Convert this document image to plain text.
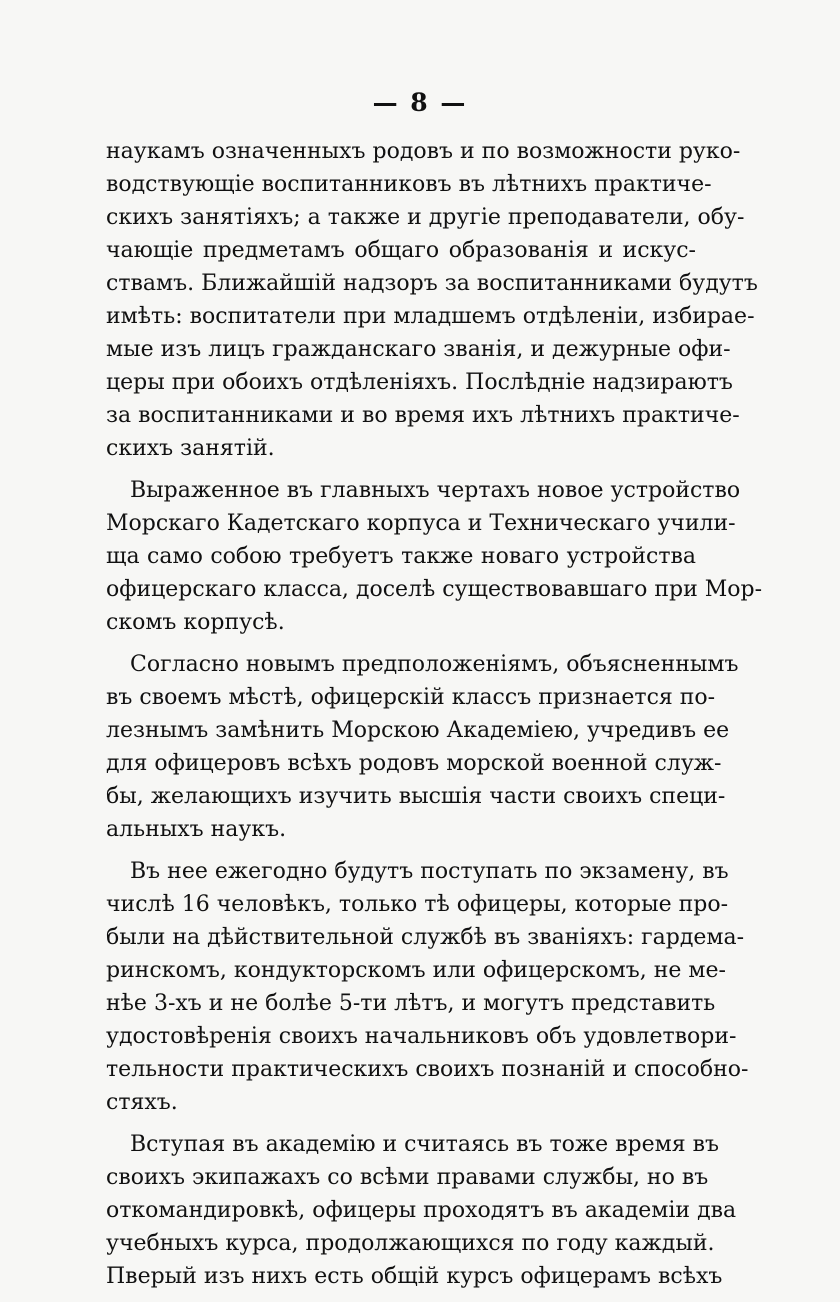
— 8 —
наукамъ означенныхъ родовъ и по возможности руко-
водствующіе воспитанниковъ въ лѣтнихъ практиче-
скихъ занятіяхъ; а также и другіе преподаватели, обу-
чающіе предметамъ общаго образованія и искус-
ствамъ. Ближайшій надзоръ за воспитанниками будутъ
имѣть: воспитатели при младшемъ отдѣленіи, избирае-
мые изъ лицъ гражданскаго званія, и дежурные офи-
церы при обоихъ отдѣленіяхъ. Послѣдніе надзираютъ
за воспитанниками и во время ихъ лѣтнихъ практиче-
скихъ занятій.
Выраженное въ главныхъ чертахъ новое устройство
Морскаго Кадетскаго корпуса и Техническаго учили-
ща само собою требуетъ также новаго устройства
офицерскаго класса, доселѣ существовавшаго при Мор-
скомъ корпусѣ.
Согласно новымъ предположеніямъ, объясненнымъ
въ своемъ мѣстѣ, офицерскій классъ признается по-
лезнымъ замѣнить Морскою Академіею, учредивъ ее
для офицеровъ всѣхъ родовъ морской военной служ-
бы, желающихъ изучить высшія части своихъ специ-
альныхъ наукъ.
Въ нее ежегодно будутъ поступать по экзамену, въ
числѣ 16 человѣкъ, только тѣ офицеры, которые про-
были на дѣйствительной службѣ въ званіяхъ: гардема-
ринскомъ, кондукторскомъ или офицерскомъ, не ме-
нѣе 3-хъ и не болѣе 5-ти лѣтъ, и могутъ представить
удостовѣренія своихъ начальниковъ объ удовлетвори-
тельности практическихъ своихъ познаній и способно-
стяхъ.
Вступая въ академію и считаясь въ тоже время въ
своихъ экипажахъ со всѣми правами службы, но въ
откомандировкѣ, офицеры проходятъ въ академіи два
учебныхъ курса, продолжающихся по году каждый.
Пверый изъ нихъ есть общій курсъ офицерамъ всѣхъ
